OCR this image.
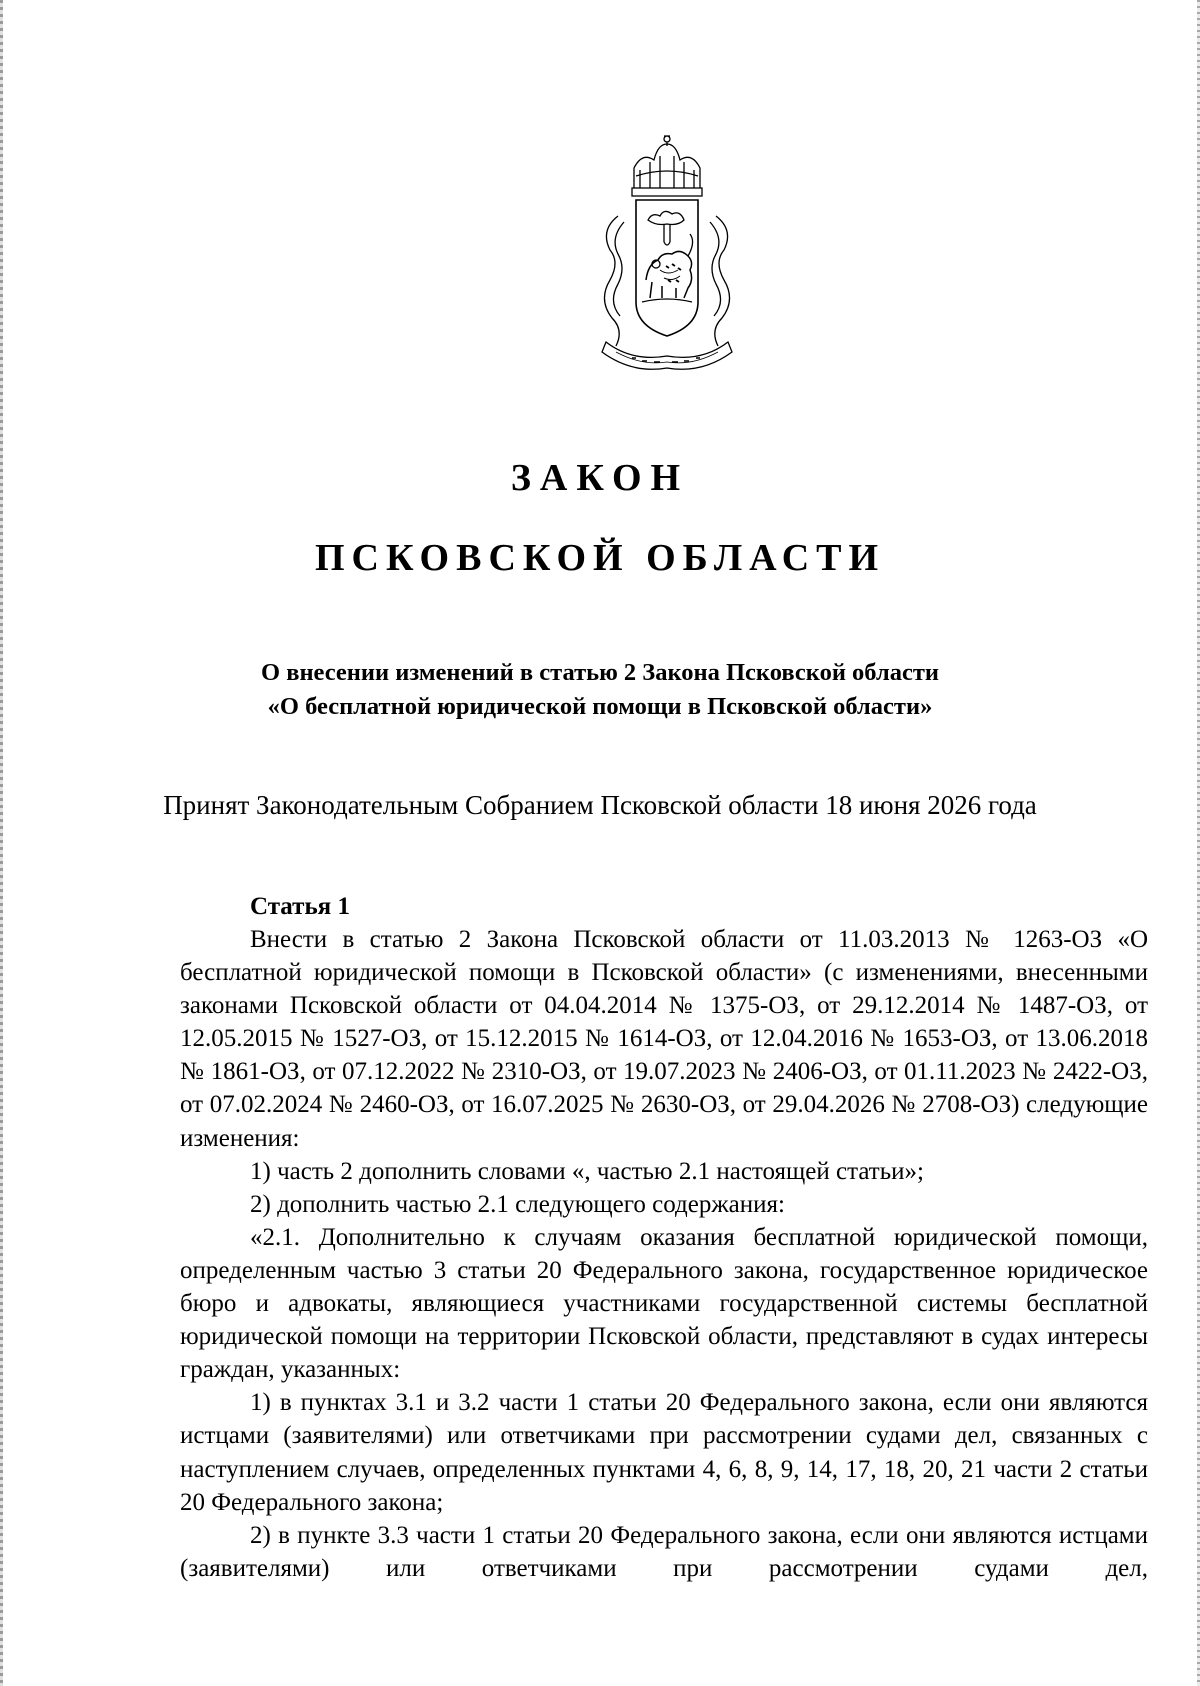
ЗАКОН
ПСКОВСКОЙ ОБЛАСТИ
О внесении изменений в статью 2 Закона Псковской области
«О бесплатной юридической помощи в Псковской области»
Принят Законодательным Собранием Псковской области 18 июня 2026 года
Статья 1

Внести в статью 2 Закона Псковской области от 11.03.2013 № 1263-ОЗ «О бесплатной юридической помощи в Псковской области» (с изменениями, внесенными законами Псковской области от 04.04.2014 № 1375-ОЗ, от 29.12.2014 № 1487-ОЗ, от 12.05.2015 № 1527-ОЗ, от 15.12.2015 № 1614-ОЗ, от 12.04.2016 № 1653-ОЗ, от 13.06.2018 № 1861-ОЗ, от 07.12.2022 № 2310-ОЗ, от 19.07.2023 № 2406-ОЗ, от 01.11.2023 № 2422-ОЗ, от 07.02.2024 № 2460-ОЗ, от 16.07.2025 № 2630-ОЗ, от 29.04.2026 № 2708-ОЗ) следующие изменения:

1) часть 2 дополнить словами «, частью 2.1 настоящей статьи»;

2) дополнить частью 2.1 следующего содержания:

«2.1. Дополнительно к случаям оказания бесплатной юридической помощи, определенным частью 3 статьи 20 Федерального закона, государственное юридическое бюро и адвокаты, являющиеся участниками государственной системы бесплатной юридической помощи на территории Псковской области, представляют в судах интересы граждан, указанных:

1) в пунктах 3.1 и 3.2 части 1 статьи 20 Федерального закона, если они являются истцами (заявителями) или ответчиками при рассмотрении судами дел, связанных с наступлением случаев, определенных пунктами 4, 6, 8, 9, 14, 17, 18, 20, 21 части 2 статьи 20 Федерального закона;

2) в пункте 3.3 части 1 статьи 20 Федерального закона, если они являются истцами (заявителями) или ответчиками при рассмотрении судами дел,
